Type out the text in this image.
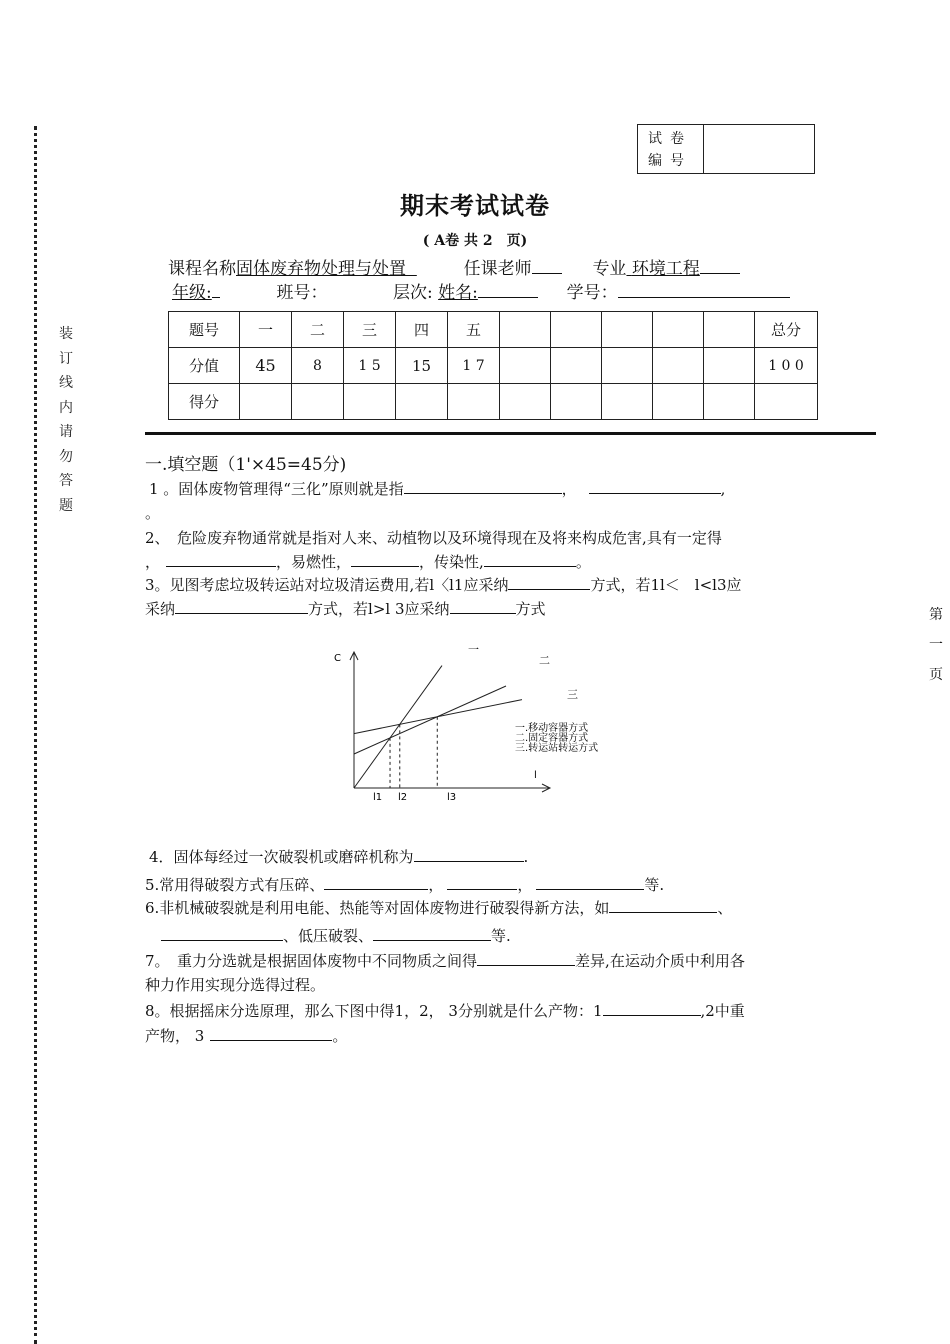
装
订
线
内
请
勿
答
题
第
一
页
试卷
编号
期末考试试卷
( A卷 共 2　页)
课程名称固体废弃物处理与处置	任课老师	专业 环境工程
年级:	班号：	层次: 姓名:	学号：
题号	一	二	三	四	五						总分
分值	45	8	1 5	15	1 7						1 0 0
得分											
一.填空题（1'×45=45分)
1 。固体废物管理得“三化”原则就是指	，	,
。
2、　危险废弃物通常就是指对人来、动植物以及环境得现在及将来构成危害,具有一定得
，	，易燃性，	，传染性,	。
3。见图考虑垃圾转运站对垃圾清运费用,若l〈l1应采纳	方式，若1l＜　l<l3应
采纳	方式，若l>l 3应采纳	方式
C
l
l1 l2	l3
一
二
三
一.移动容器方式
二.固定容器方式
三.转运站转运方式
4．固体每经过一次破裂机或磨碎机称为	.
5.常用得破裂方式有压碎、	，	，	等.
6.非机械破裂就是利用电能、热能等对固体废物进行破裂得新方法，如	、
、低压破裂、	等.
7。　重力分选就是根据固体废物中不同物质之间得	差异,在运动介质中利用各
种力作用实现分选得过程。
8。根据摇床分选原理，那么下图中得1，2， 3分别就是什么产物：1	,2中重
产物， 3	。
